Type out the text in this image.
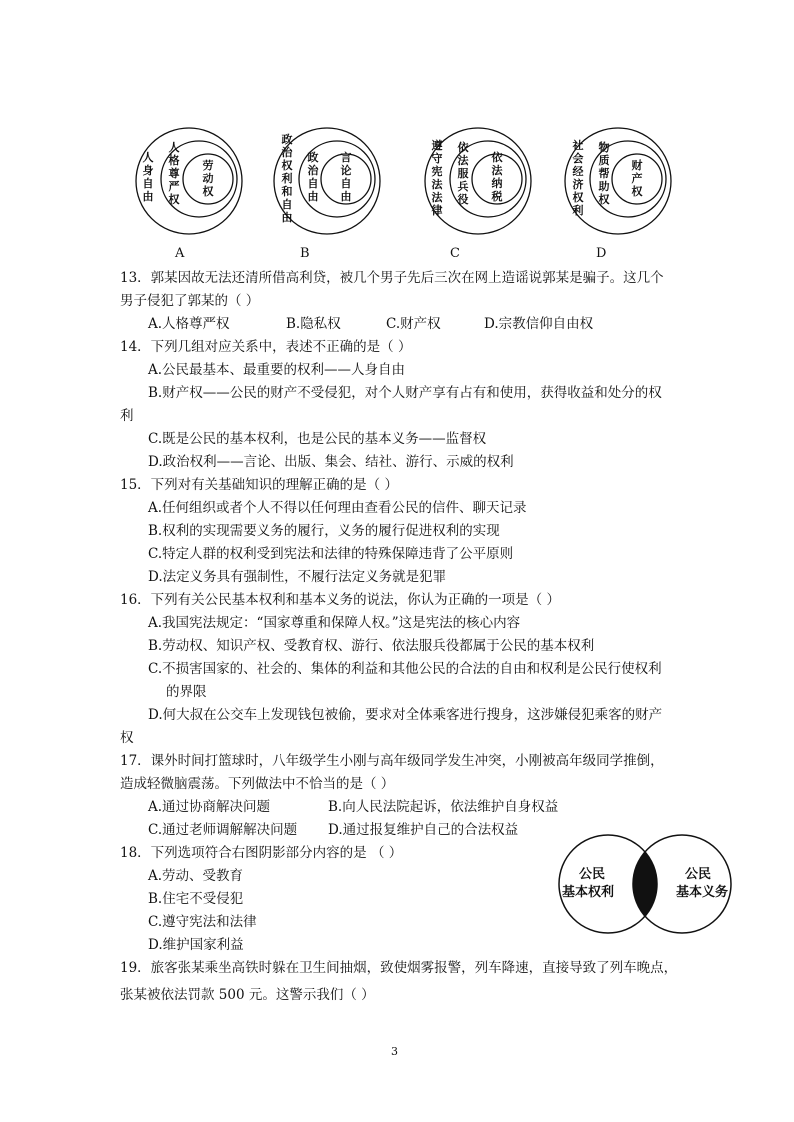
人
身
自
由
人
格
尊
严
权
劳
动
权
政
治
权
利
和
自
由
政
治
自
由
言
论
自
由
遵
守
宪
法
法
律
依
法
服
兵
役
依
法
纳
税
社
会
经
济
权
利
物
质
帮
助
权
财
产
权
A	B	C	D
13．郭某因故无法还清所借高利贷，被几个男子先后三次在网上造谣说郭某是骗子。这几个
男子侵犯了郭某的（ ）
A.人格尊严权	B.隐私权	C.财产权	D.宗教信仰自由权
14．下列几组对应关系中，表述不正确的是（ ）
A.公民最基本、最重要的权利——人身自由
B.财产权——公民的财产不受侵犯，对个人财产享有占有和使用，获得收益和处分的权
利
C.既是公民的基本权利，也是公民的基本义务——监督权
D.政治权利——言论、出版、集会、结社、游行、示威的权利
15．下列对有关基础知识的理解正确的是（ ）
A.任何组织或者个人不得以任何理由查看公民的信件、聊天记录
B.权利的实现需要义务的履行，义务的履行促进权利的实现
C.特定人群的权利受到宪法和法律的特殊保障违背了公平原则
D.法定义务具有强制性，不履行法定义务就是犯罪
16．下列有关公民基本权利和基本义务的说法，你认为正确的一项是（ ）
A.我国宪法规定：“国家尊重和保障人权。”这是宪法的核心内容
B.劳动权、知识产权、受教育权、游行、依法服兵役都属于公民的基本权利
C.不损害国家的、社会的、集体的利益和其他公民的合法的自由和权利是公民行使权利
的界限
D.何大叔在公交车上发现钱包被偷，要求对全体乘客进行搜身，这涉嫌侵犯乘客的财产
权
17．课外时间打篮球时，八年级学生小刚与高年级同学发生冲突，小刚被高年级同学推倒，
造成轻微脑震荡。下列做法中不恰当的是（ ）
A.通过协商解决问题	B.向人民法院起诉，依法维护自身权益
C.通过老师调解解决问题 D.通过报复维护自己的合法权益
18．下列选项符合右图阴影部分内容的是 （ ）
A.劳动、受教育
B.住宅不受侵犯
C.遵守宪法和法律
D.维护国家利益
公民
基本权利
公民
基本义务
19．旅客张某乘坐高铁时躲在卫生间抽烟，致使烟雾报警，列车降速，直接导致了列车晚点，
张某被依法罚款 500 元。这警示我们（ ）
3
